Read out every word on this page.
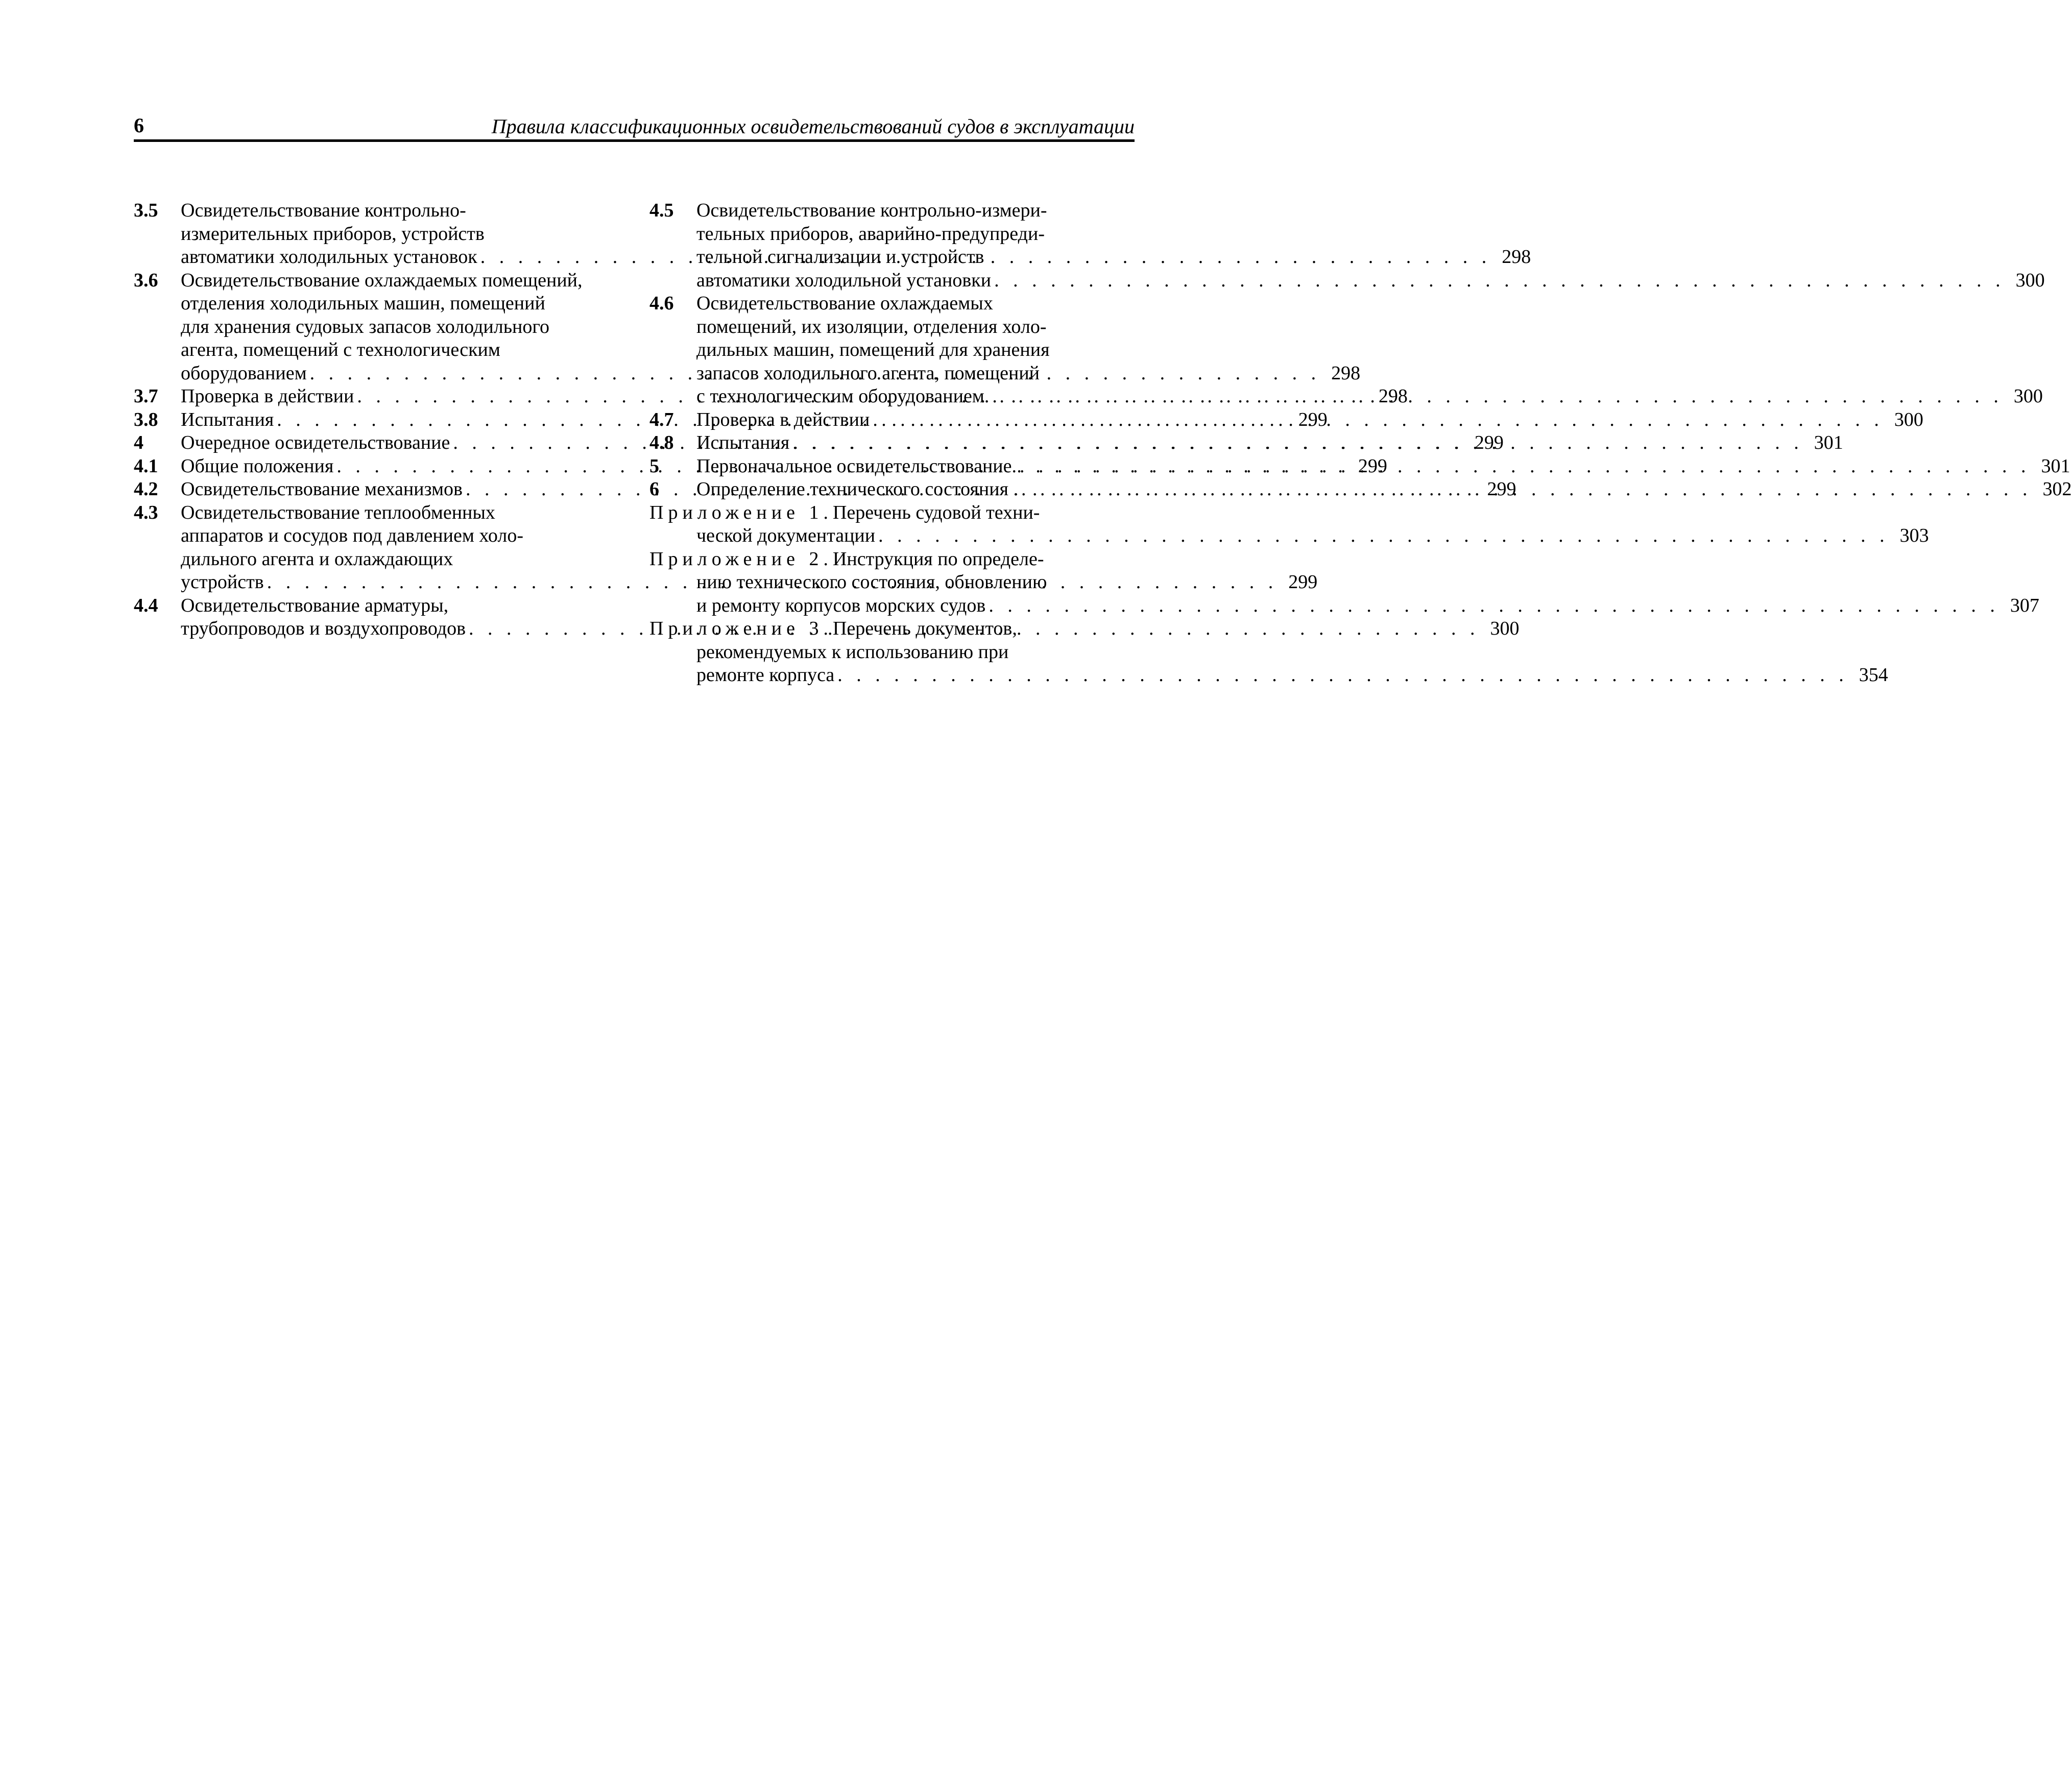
6	Правила классификационных освидетельствований судов в эксплуатации
3.5	Освидетельствование контрольно-
измерительных приборов, устройств
автоматики холодильных установок . . .	298
3.6	Освидетельствование охлаждаемых помещений,
отделения холодильных машин, помещений
для хранения судовых запасов холодильного
агента, помещений с технологическим
оборудованием . . .	298
3.7	Проверка в действии . . .	298
3.8	Испытания . . .	299
4	Очередное освидетельствование . . .	299
4.1	Общие положения . . .	299
4.2	Освидетельствование механизмов . . .	299
4.3	Освидетельствование теплообменных
аппаратов и сосудов под давлением холо-
дильного агента и охлаждающих
устройств . . .	299
4.4	Освидетельствование арматуры,
трубопроводов и воздухопроводов . . .	300
4.5	Освидетельствование контрольно-измери-
тельных приборов, аварийно-предупреди-
тельной сигнализации и устройств
автоматики холодильной установки . . .	300
4.6	Освидетельствование охлаждаемых
помещений, их изоляции, отделения холо-
дильных машин, помещений для хранения
запасов холодильного агента, помещений
с технологическим оборудованием. . . .	300
4.7	Проверка в действии . . .	300
4.8	Испытания . . .	301
5	Первоначальное освидетельствование. . . .	301
6	Определение технического состояния . . . .	302
Приложение 1. Перечень судовой техни-
ческой документации . . .	303
Приложение 2. Инструкция по определе-
нию технического состояния, обновлению
и ремонту корпусов морских судов . . .	307
Приложение 3. Перечень документов,
рекомендуемых к использованию при
ремонте корпуса . . .	354
